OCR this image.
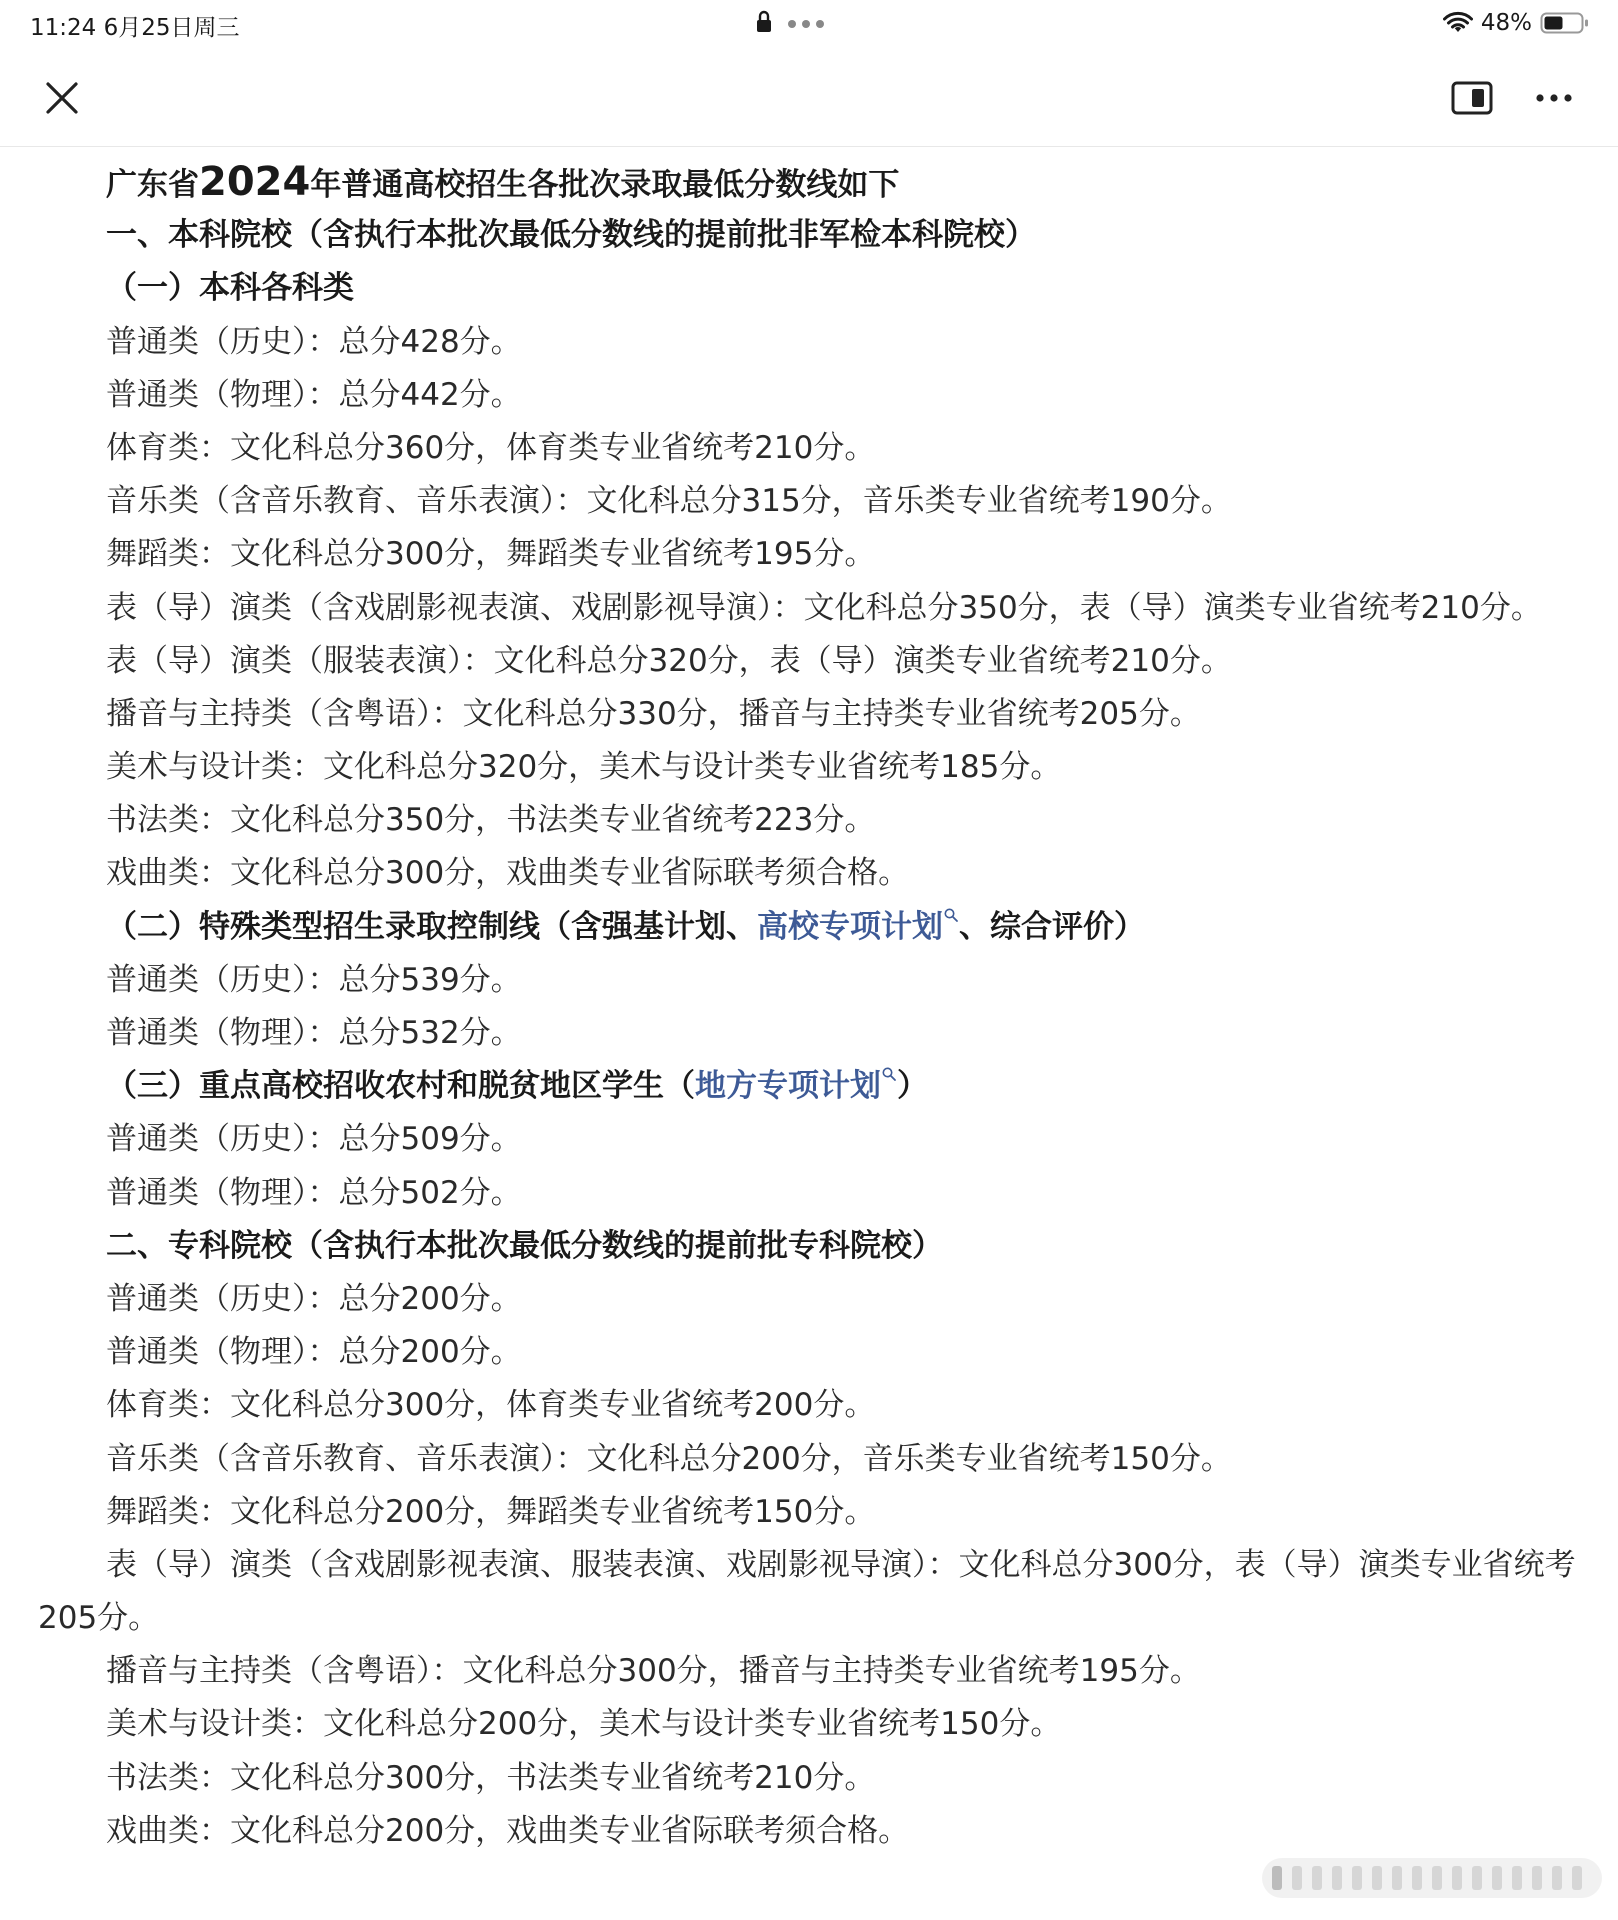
11:24 6月25日周三	48%
广东省2024年普通高校招生各批次录取最低分数线如下
一、本科院校（含执行本批次最低分数线的提前批非军检本科院校）
（一）本科各科类
普通类（历史）：总分428分。
普通类（物理）：总分442分。
体育类：文化科总分360分，体育类专业省统考210分。
音乐类（含音乐教育、音乐表演）：文化科总分315分，音乐类专业省统考190分。
舞蹈类：文化科总分300分，舞蹈类专业省统考195分。
表（导）演类（含戏剧影视表演、戏剧影视导演）：文化科总分350分，表（导）演类专业省统考210分。
表（导）演类（服装表演）：文化科总分320分，表（导）演类专业省统考210分。
播音与主持类（含粤语）：文化科总分330分，播音与主持类专业省统考205分。
美术与设计类：文化科总分320分，美术与设计类专业省统考185分。
书法类：文化科总分350分，书法类专业省统考223分。
戏曲类：文化科总分300分，戏曲类专业省际联考须合格。
（二）特殊类型招生录取控制线（含强基计划、高校专项计划 、综合评价）
普通类（历史）：总分539分。
普通类（物理）：总分532分。
（三）重点高校招收农村和脱贫地区学生（地方专项计划 ）
普通类（历史）：总分509分。
普通类（物理）：总分502分。
二、专科院校（含执行本批次最低分数线的提前批专科院校）
普通类（历史）：总分200分。
普通类（物理）：总分200分。
体育类：文化科总分300分，体育类专业省统考200分。
音乐类（含音乐教育、音乐表演）：文化科总分200分，音乐类专业省统考150分。
舞蹈类：文化科总分200分，舞蹈类专业省统考150分。
表（导）演类（含戏剧影视表演、服装表演、戏剧影视导演）：文化科总分300分，表（导）演类专业省统考205分。
播音与主持类（含粤语）：文化科总分300分，播音与主持类专业省统考195分。
美术与设计类：文化科总分200分，美术与设计类专业省统考150分。
书法类：文化科总分300分，书法类专业省统考210分。
戏曲类：文化科总分200分，戏曲类专业省际联考须合格。
